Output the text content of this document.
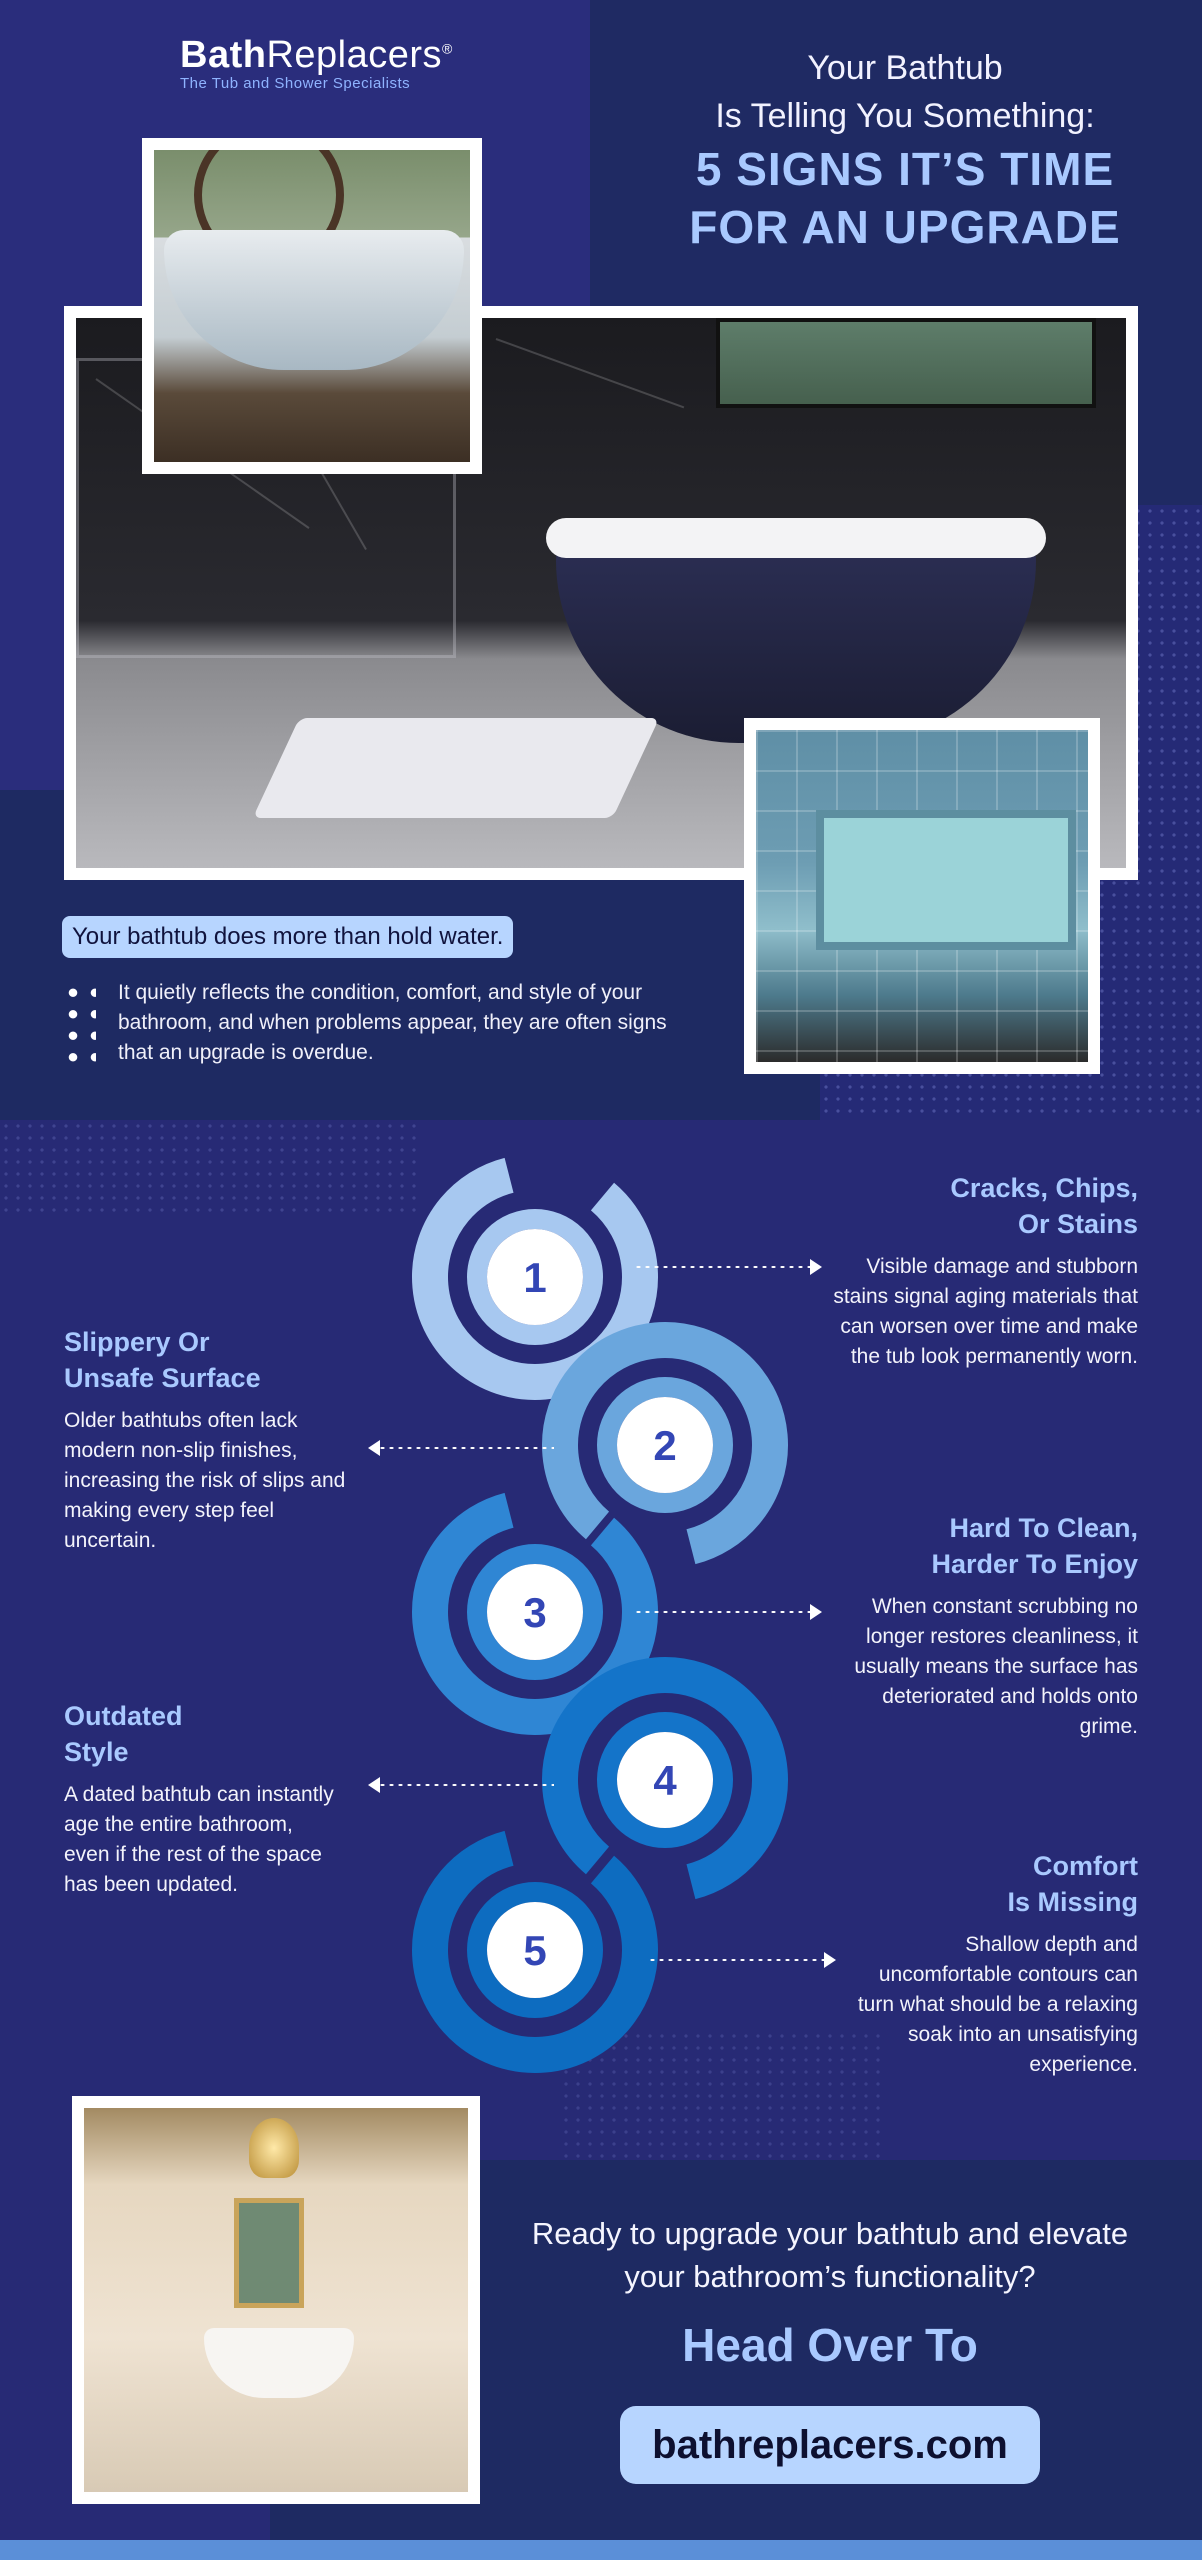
BathReplacers®
The Tub and Shower Specialists	Your Bathtub
Is Telling You Something:
5 SIGNS IT’S TIME
FOR AN UPGRADE
Your bathtub does more than hold water.
It quietly reflects the condition, comfort, and style of your bathroom, and when problems appear, they are often signs that an upgrade is overdue.
1
2
3
4
5
Cracks, Chips,
Or Stains
Visible damage and stubborn stains signal aging materials that can worsen over time and make the tub look permanently worn.
Slippery Or
Unsafe Surface
Older bathtubs often lack modern non-slip finishes, increasing the risk of slips and making every step feel uncertain.	Hard To Clean,
Harder To Enjoy
When constant scrubbing no longer restores cleanliness, it usually means the surface has deteriorated and holds onto grime.
Outdated
Style
A dated bathtub can instantly age the entire bathroom, even if the rest of the space has been updated.
Comfort
Is Missing
Shallow depth and uncomfortable contours can turn what should be a relaxing soak into an unsatisfying experience.
Ready to upgrade your bathtub and elevate your bathroom’s functionality?
Head Over To
bathreplacers.com
